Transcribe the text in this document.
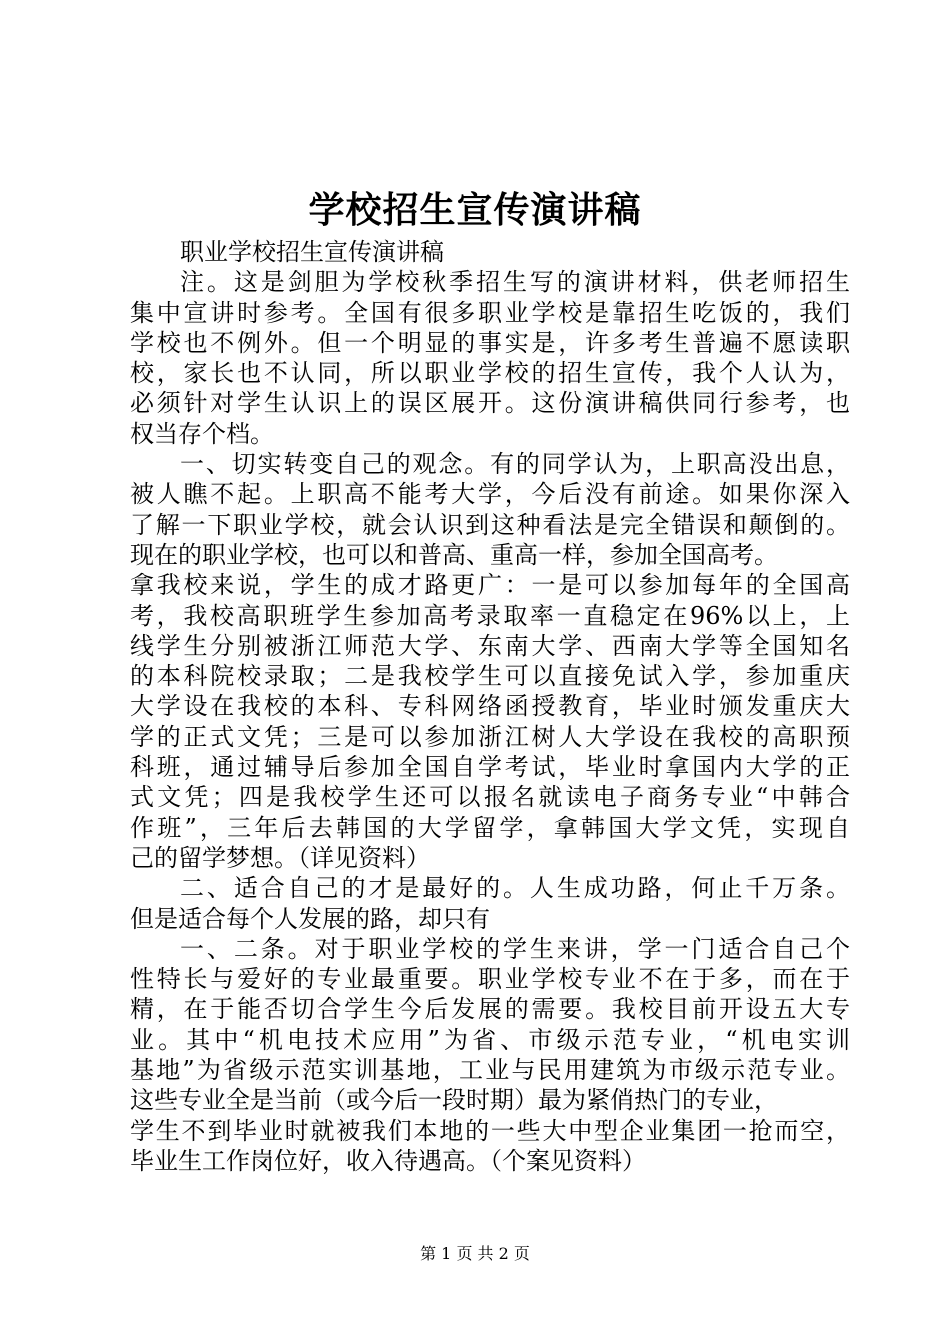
学校招生宣传演讲稿
职业学校招生宣传演讲稿
注。这是剑胆为学校秋季招生写的演讲材料，供老师招生
集中宣讲时参考。全国有很多职业学校是靠招生吃饭的，我们
学校也不例外。但一个明显的事实是，许多考生普遍不愿读职
校，家长也不认同，所以职业学校的招生宣传，我个人认为，
必须针对学生认识上的误区展开。这份演讲稿供同行参考，也
权当存个档。
一、切实转变自己的观念。有的同学认为，上职高没出息，
被人瞧不起。上职高不能考大学，今后没有前途。如果你深入
了解一下职业学校，就会认识到这种看法是完全错误和颠倒的。
现在的职业学校，也可以和普高、重高一样，参加全国高考。
拿我校来说，学生的成才路更广：一是可以参加每年的全国高
考，我校高职班学生参加高考录取率一直稳定在96%以上，上
线学生分别被浙江师范大学、东南大学、西南大学等全国知名
的本科院校录取；二是我校学生可以直接免试入学，参加重庆
大学设在我校的本科、专科网络函授教育，毕业时颁发重庆大
学的正式文凭；三是可以参加浙江树人大学设在我校的高职预
科班，通过辅导后参加全国自学考试，毕业时拿国内大学的正
式文凭；四是我校学生还可以报名就读电子商务专业“中韩合
作班”，三年后去韩国的大学留学，拿韩国大学文凭，实现自
己的留学梦想。（详见资料）
二、适合自己的才是最好的。人生成功路，何止千万条。
但是适合每个人发展的路，却只有
一、二条。对于职业学校的学生来讲，学一门适合自己个
性特长与爱好的专业最重要。职业学校专业不在于多，而在于
精，在于能否切合学生今后发展的需要。我校目前开设五大专
业。其中“机电技术应用”为省、市级示范专业，“机电实训
基地”为省级示范实训基地，工业与民用建筑为市级示范专业。
这些专业全是当前（或今后一段时期）最为紧俏热门的专业，
学生不到毕业时就被我们本地的一些大中型企业集团一抢而空，
毕业生工作岗位好，收入待遇高。（个案见资料）
第 1 页 共 2 页
